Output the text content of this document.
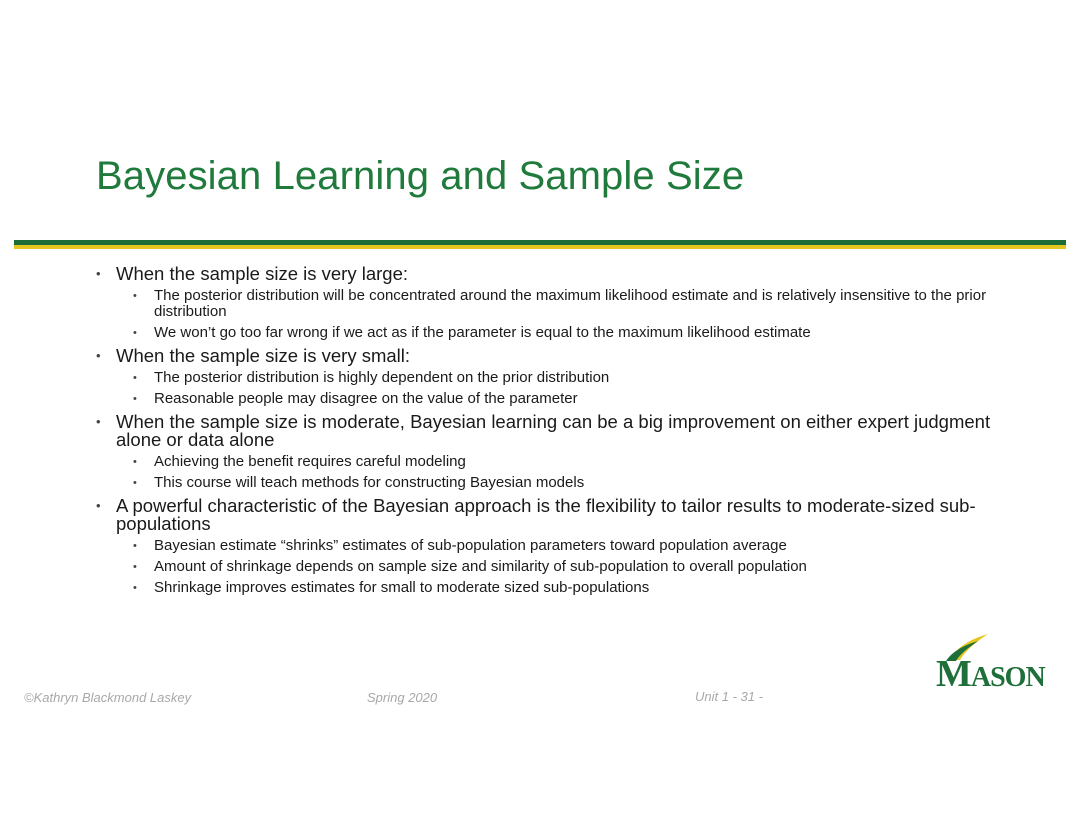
Bayesian Learning and Sample Size
• When the sample size is very large:
• The posterior distribution will be concentrated around the maximum likelihood estimate and is relatively insensitive to the prior distribution
• We won’t go too far wrong if we act as if the parameter is equal to the maximum likelihood estimate
• When the sample size is very small:
• The posterior distribution is highly dependent on the prior distribution
• Reasonable people may disagree on the value of the parameter
• When the sample size is moderate, Bayesian learning can be a big improvement on either expert judgment alone or data alone
• Achieving the benefit requires careful modeling
• This course will teach methods for constructing Bayesian models
• A powerful characteristic of the Bayesian approach is the flexibility to tailor results to moderate-sized sub-populations
• Bayesian estimate “shrinks” estimates of sub-population parameters toward population average
• Amount of shrinkage depends on sample size and similarity of sub-population to overall population
• Shrinkage improves estimates for small to moderate sized sub-populations
©Kathryn Blackmond Laskey	Spring 2020	Unit 1 - 31 -
MASON
